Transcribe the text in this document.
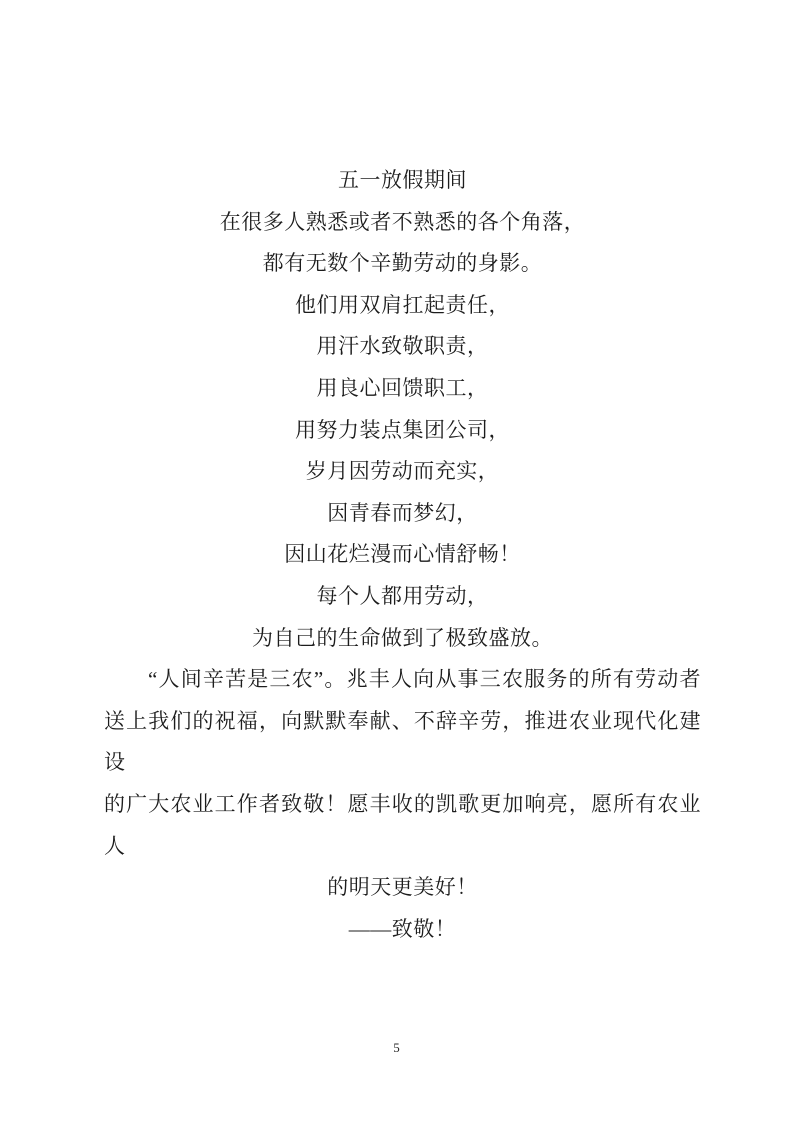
五一放假期间
在很多人熟悉或者不熟悉的各个角落，
都有无数个辛勤劳动的身影。
他们用双肩扛起责任，
用汗水致敬职责，
用良心回馈职工，
用努力装点集团公司，
岁月因劳动而充实，
因青春而梦幻，
因山花烂漫而心情舒畅！
每个人都用劳动，
为自己的生命做到了极致盛放。
“人间辛苦是三农”。兆丰人向从事三农服务的所有劳动者
送上我们的祝福，向默默奉献、不辞辛劳，推进农业现代化建设
的广大农业工作者致敬！愿丰收的凯歌更加响亮，愿所有农业人
的明天更美好！
——致敬！
5
